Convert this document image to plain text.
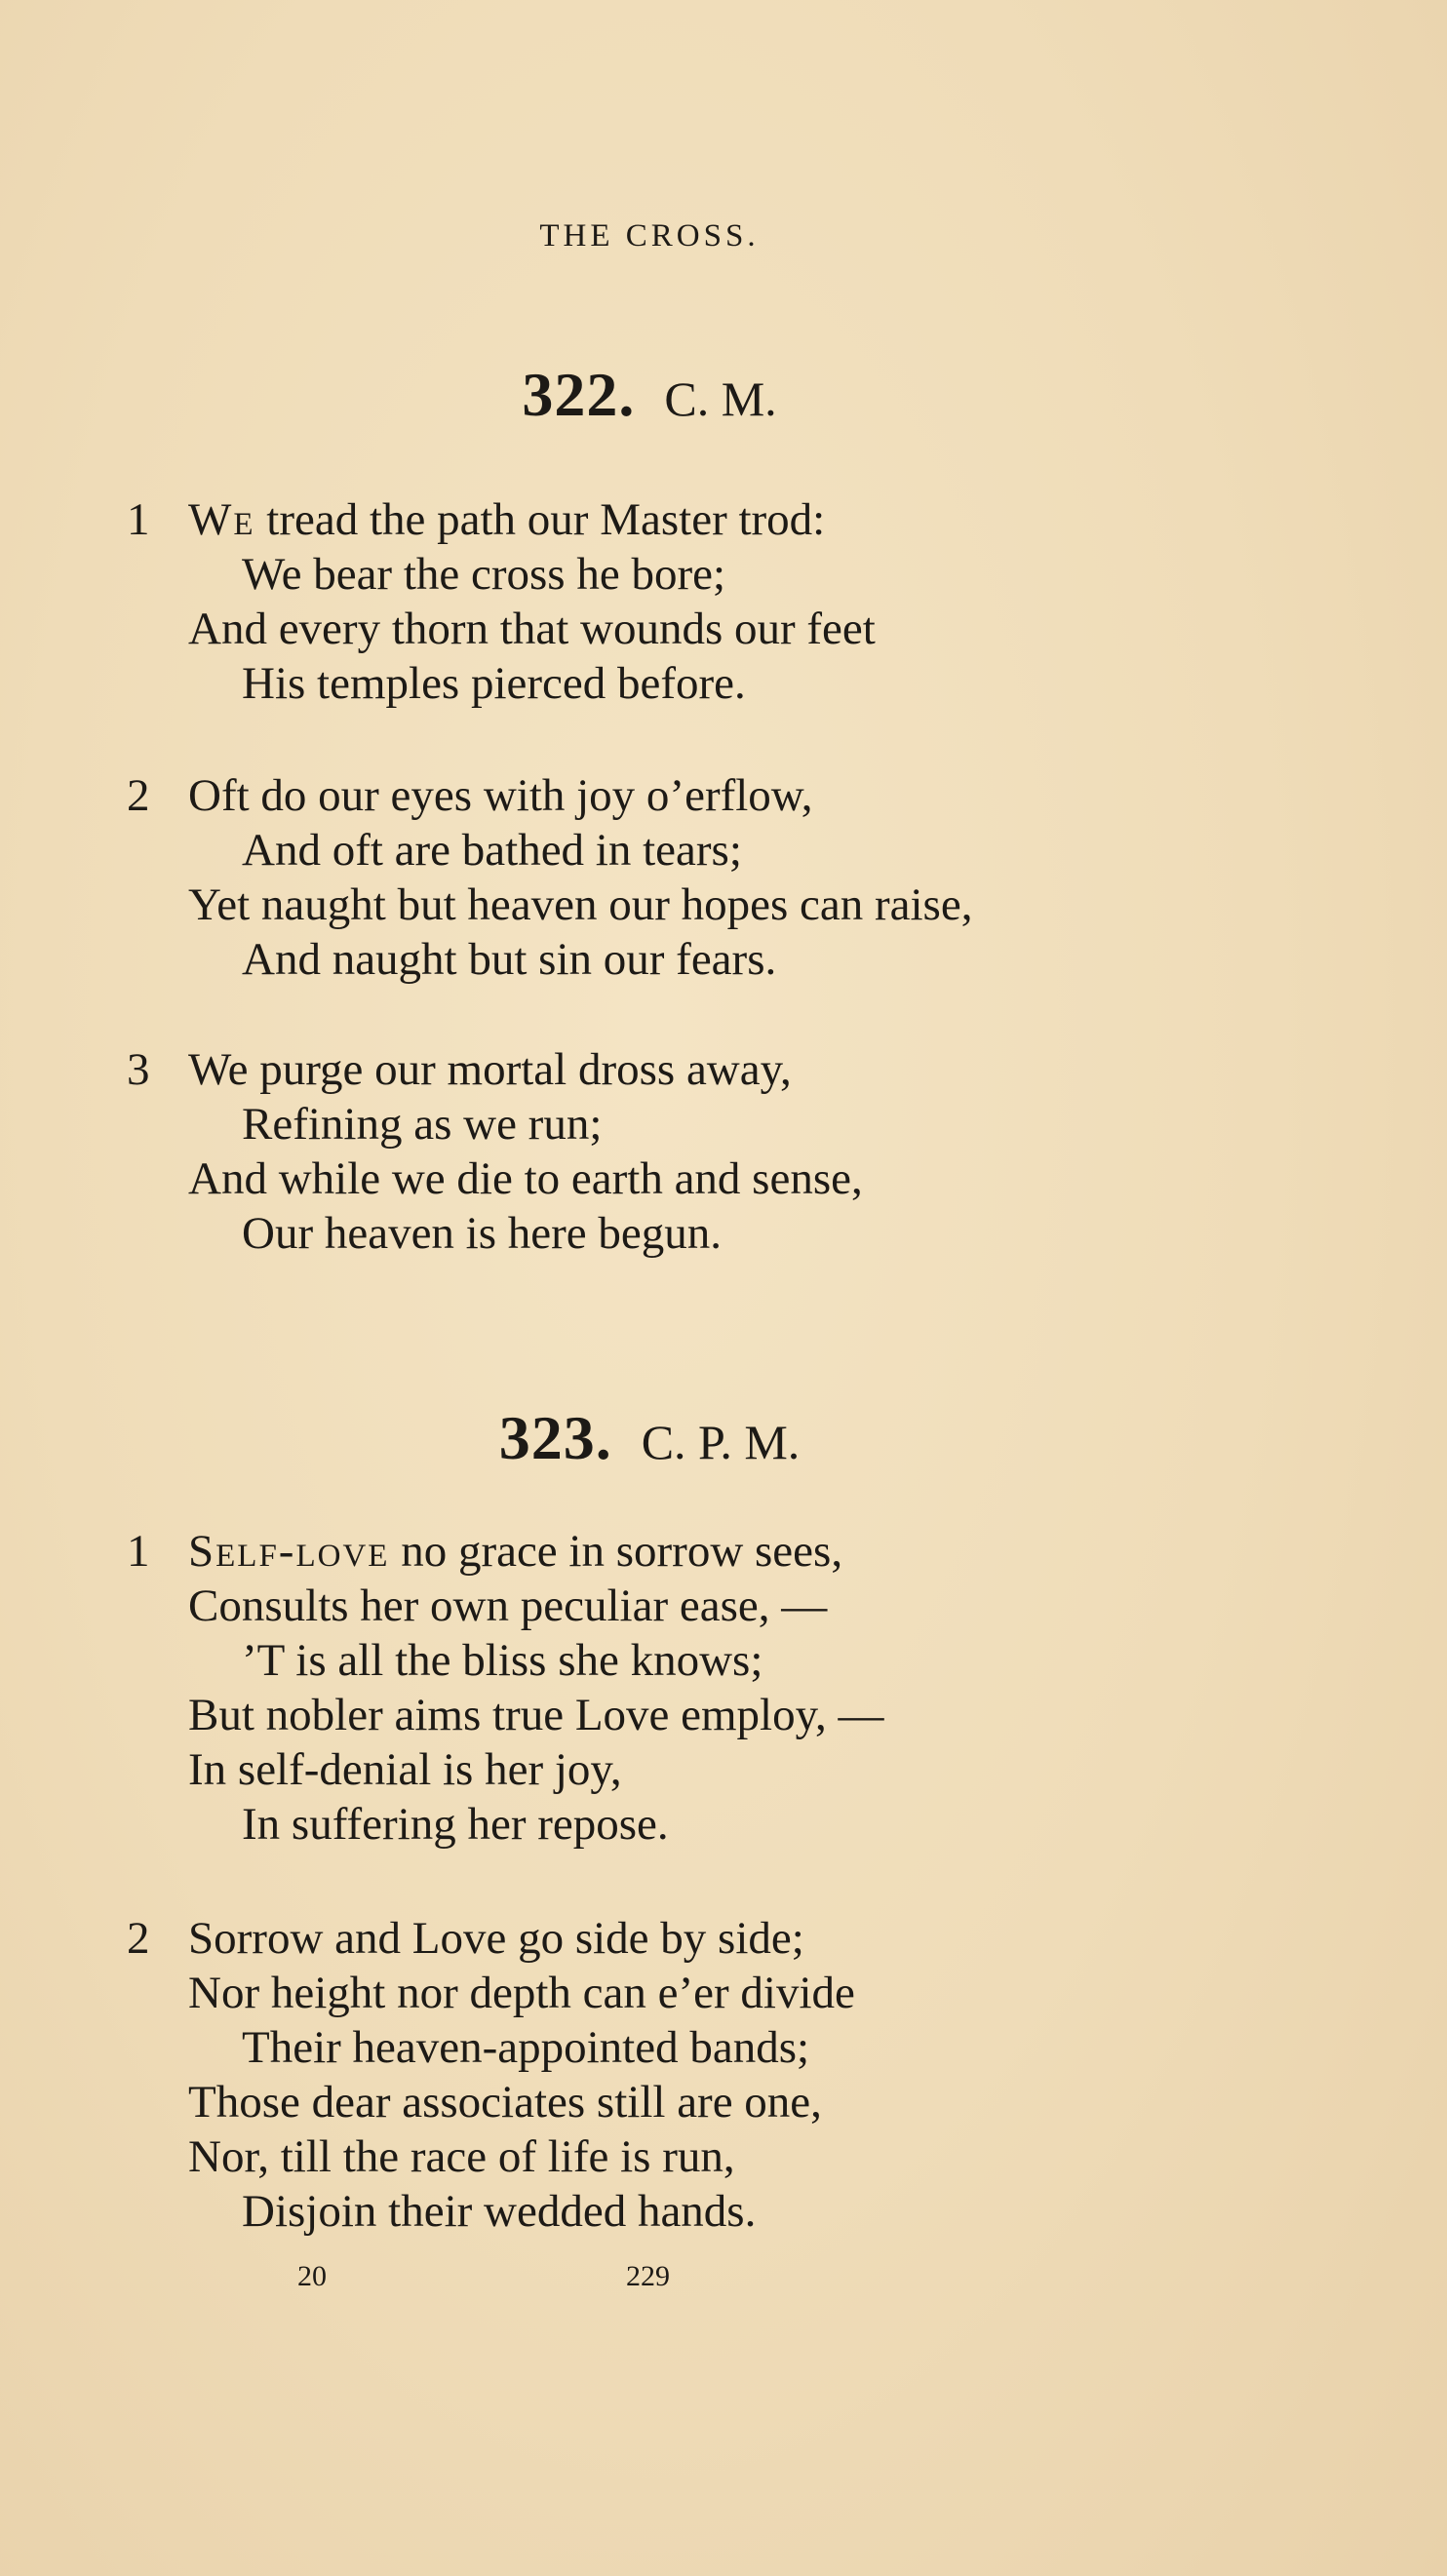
THE CROSS.
322. C. M.
1 We tread the path our Master trod:
We bear the cross he bore;
And every thorn that wounds our feet
His temples pierced before.
2 Oft do our eyes with joy o’erflow,
And oft are bathed in tears;
Yet naught but heaven our hopes can raise,
And naught but sin our fears.
3 We purge our mortal dross away,
Refining as we run;
And while we die to earth and sense,
Our heaven is here begun.
323. C. P. M.
1 Self-love no grace in sorrow sees,
Consults her own peculiar ease, —
’T is all the bliss she knows;
But nobler aims true Love employ, —
In self-denial is her joy,
In suffering her repose.
2 Sorrow and Love go side by side;
Nor height nor depth can e’er divide
Their heaven-appointed bands;
Those dear associates still are one,
Nor, till the race of life is run,
Disjoin their wedded hands.
20	229
